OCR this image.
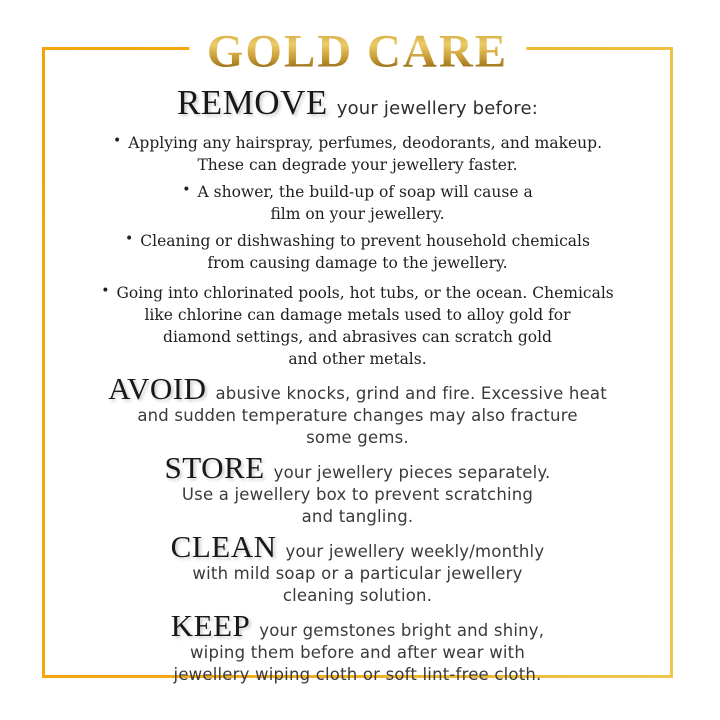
GOLD CARE
REMOVE your jewellery before:

• Applying any hairspray, perfumes, deodorants, and makeup.
These can degrade your jewellery faster.

• A shower, the build-up of soap will cause a
film on your jewellery.

• Cleaning or dishwashing to prevent household chemicals
from causing damage to the jewellery.

• Going into chlorinated pools, hot tubs, or the ocean. Chemicals
like chlorine can damage metals used to alloy gold for
diamond settings, and abrasives can scratch gold
and other metals.

AVOID abusive knocks, grind and fire. Excessive heat
and sudden temperature changes may also fracture
some gems.

STORE your jewellery pieces separately.
Use a jewellery box to prevent scratching
and tangling.

CLEAN your jewellery weekly/monthly
with mild soap or a particular jewellery
cleaning solution.

KEEP your gemstones bright and shiny,
wiping them before and after wear with
jewellery wiping cloth or soft lint-free cloth.
